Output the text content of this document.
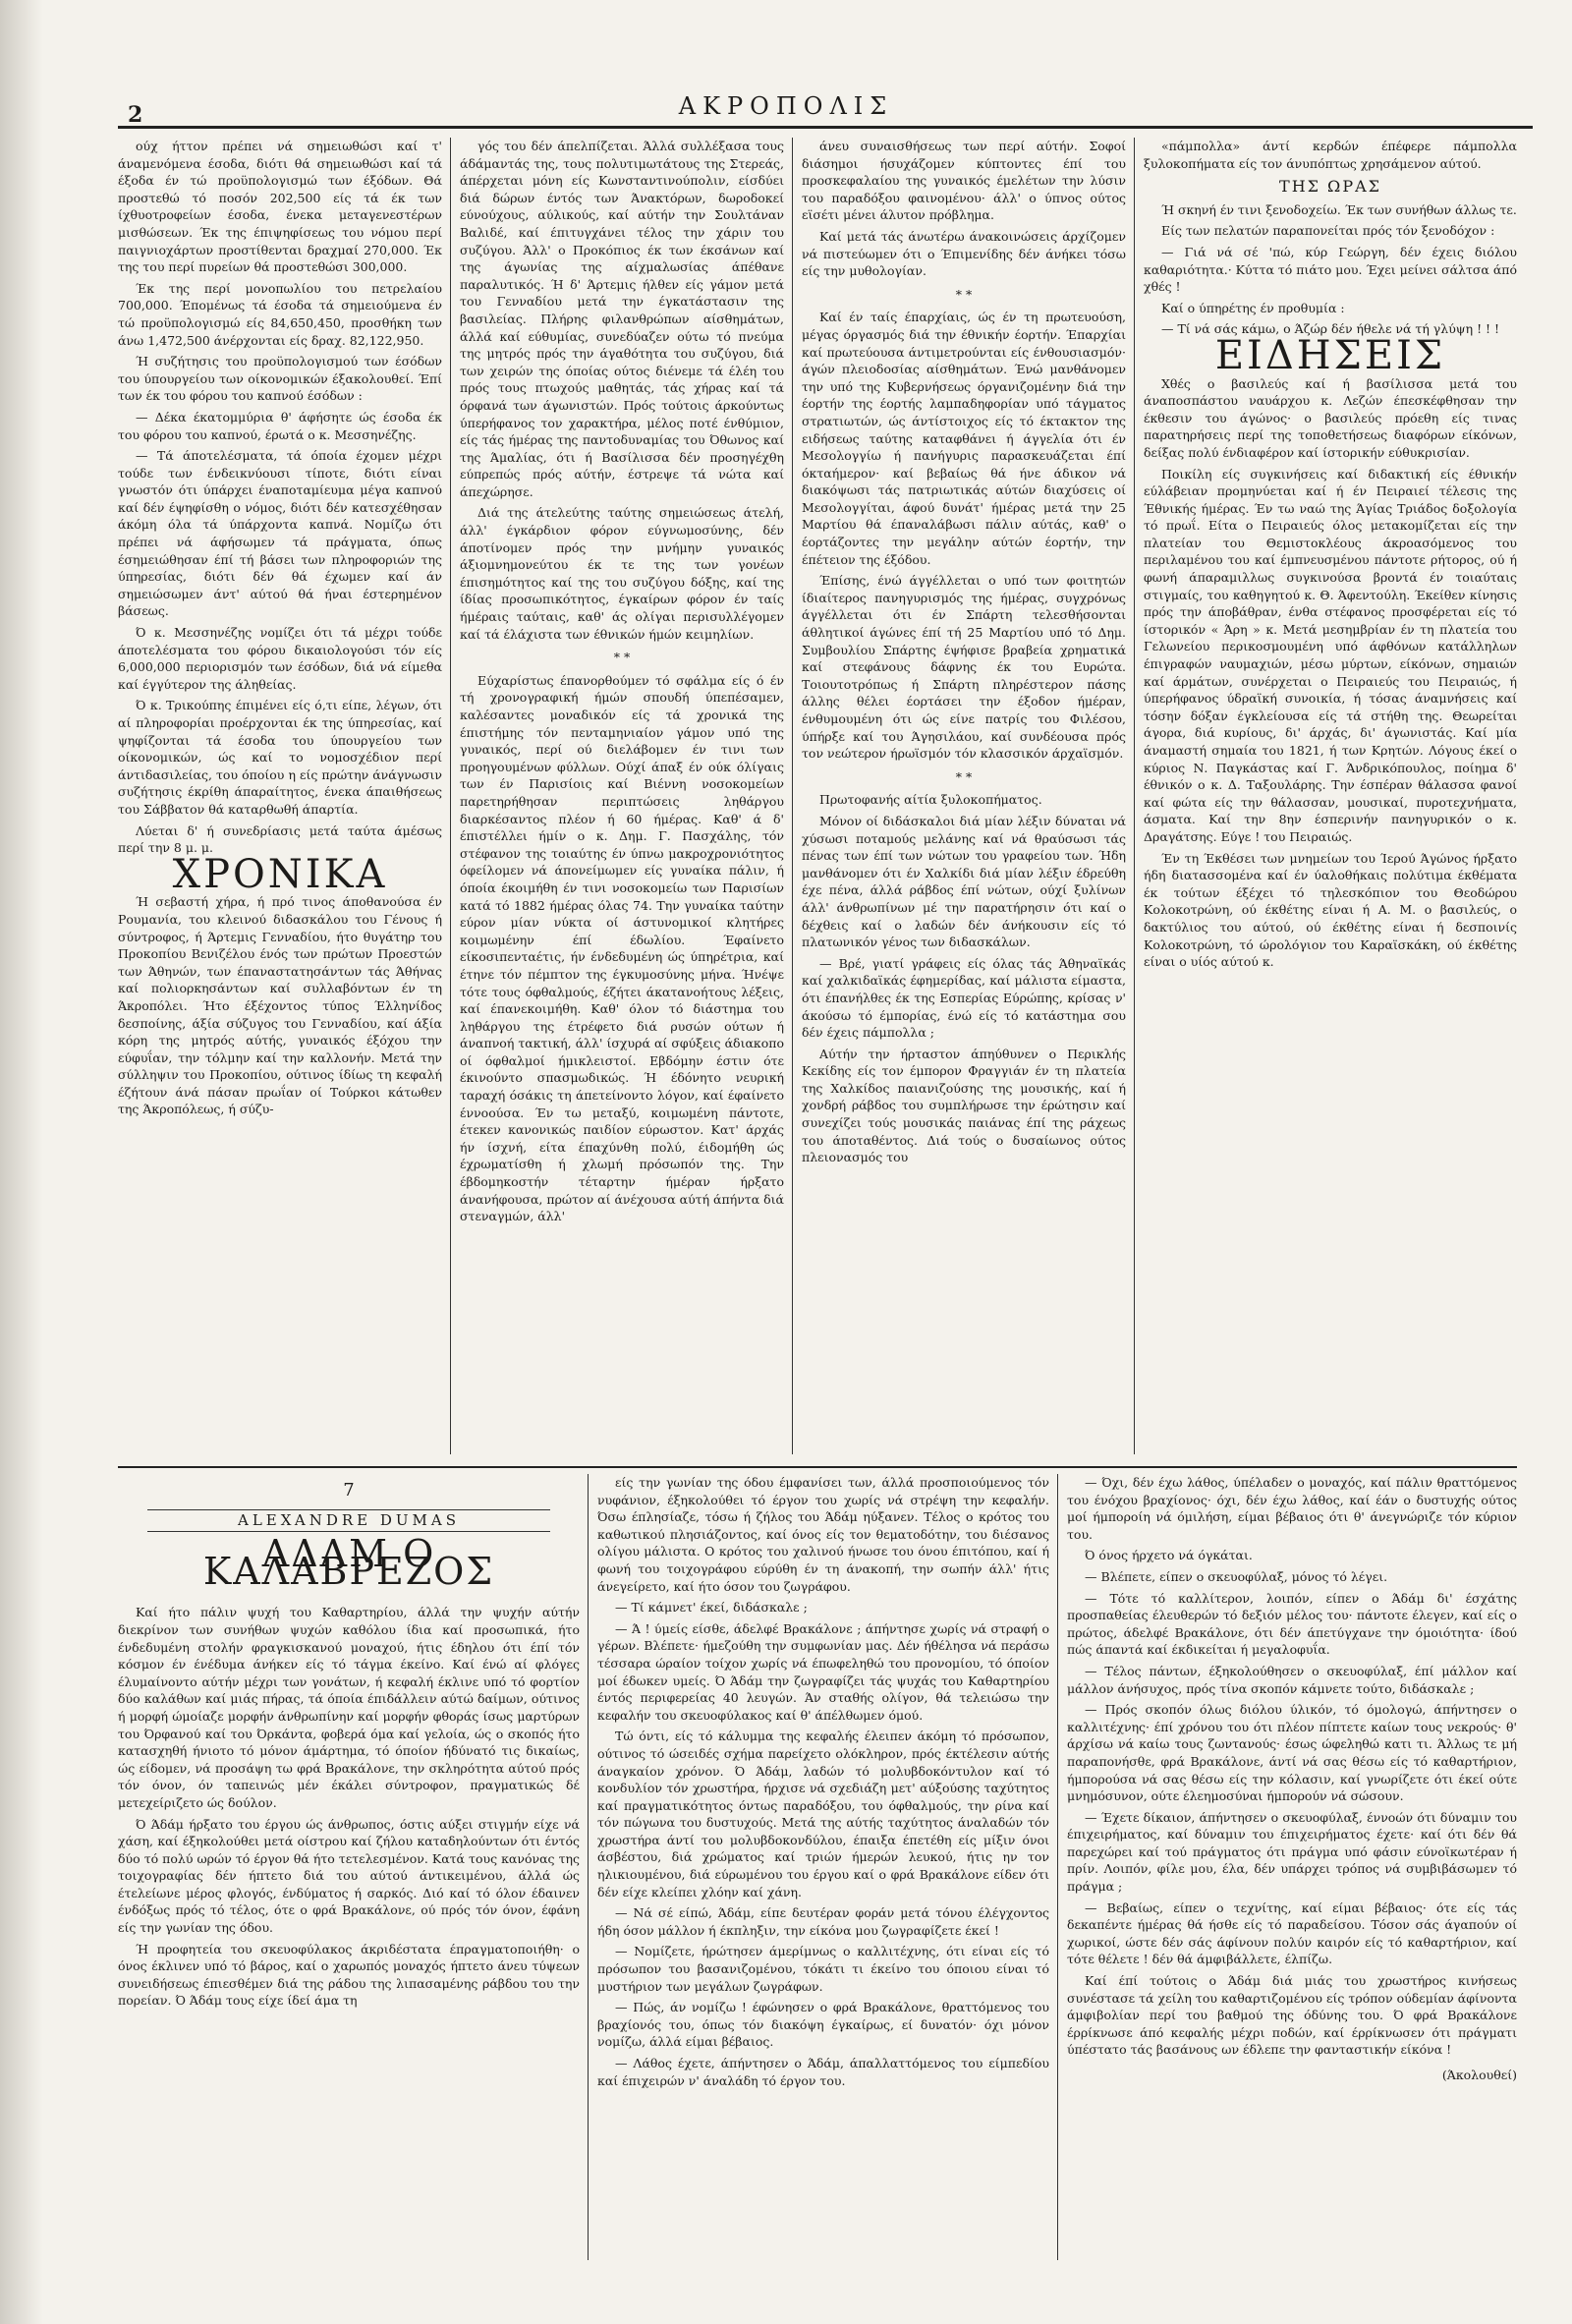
2	ΑΚΡΟΠΟΛΙΣ

ούχ ήττον πρέπει νά σημειωθώσι καί τ' άναμενόμενα έσοδα, διότι θά σημειωθώσι καί τά έξοδα έν τώ προϋπολογισμώ των έξόδων. Θά προστεθώ τό ποσόν 202,500 είς τά έκ των ίχθυοτροφείων έσοδα, ένεκα μεταγενεστέρων μισθώσεων. Έκ της έπιψηφίσεως του νόμου περί παιγνιοχάρτων προστίθενται δραχμαί 270,000. Έκ της του περί πυρείων θά προστεθώσι 300,000.

Έκ της περί μονοπωλίου του πετρελαίου 700,000. Έπομένως τά έσοδα τά σημειούμενα έν τώ προϋπολογισμώ είς 84,650,450, προσθήκη των άνω 1,472,500 άνέρχονται είς δραχ. 82,122,950.

Ή συζήτησις του προϋπολογισμού των έσόδων του ύπουργείου των οίκονομικών έξακολουθεί. Έπί των έκ του φόρου του καπνού έσόδων :

— Δέκα έκατομμύρια θ' άφήσητε ώς έσοδα έκ του φόρου του καπνού, έρωτά ο κ. Μεσσηνέζης.

— Τά άποτελέσματα, τά όποία έχομεν μέχρι τούδε των ένδεικνύουσι τίποτε, διότι είναι γνωστόν ότι ύπάρχει έναποταμίευμα μέγα καπνού καί δέν έψηφίσθη ο νόμος, διότι δέν κατεσχέθησαν άκόμη όλα τά ύπάρχοντα καπνά. Νομίζω ότι πρέπει νά άφήσωμεν τά πράγματα, όπως έσημειώθησαν έπί τή βάσει των πληροφοριών της ύπηρεσίας, διότι δέν θά έχωμεν καί άν σημειώσωμεν άντ' αύτού θά ήναι έστερημένον βάσεως.

Ό κ. Μεσσηνέζης νομίζει ότι τά μέχρι τούδε άποτελέσματα του φόρου δικαιολογούσι τόν είς 6,000,000 περιορισμόν των έσόδων, διά νά είμεθα καί έγγύτερον της άληθείας.

Ό κ. Τρικούπης έπιμένει είς ό,τι είπε, λέγων, ότι αί πληροφορίαι προέρχονται έκ της ύπηρεσίας, καί ψηφίζονται τά έσοδα του ύπουργείου των οίκονομικών, ώς καί το νομοσχέδιον περί άντιδασιλείας, του όποίου η είς πρώτην άνάγνωσιν συζήτησις έκρίθη άπαραίτητος, ένεκα άπαιθήσεως του Σάββατον θά καταρθωθή άπαρτία.

Λύεται δ' ή συνεδρίασις μετά ταύτα άμέσως περί την 8 μ. μ.

ΧΡΟΝΙΚΑ

Ή σεβαστή χήρα, ή πρό τινος άποθανούσα έν Ρουμανία, του κλεινού διδασκάλου του Γένους ή σύντροφος, ή Άρτεμις Γενναδίου, ήτο θυγάτηρ του Προκοπίου Βενιζέλου ένός των πρώτων Προεστών των Άθηνών, των έπαναστατησάντων τάς Άθήνας καί πολιορκησάντων καί συλλαβόντων έν τη Άκροπόλει. Ήτο έξέχοντος τύπος Έλληνίδος δεσποίνης, άξία σύζυγος του Γενναδίου, καί άξία κόρη της μητρός αύτής, γυναικός έξόχου την εύφυΐαν, την τόλμην καί την καλλονήν. Μετά την σύλληψιν του Προκοπίου, ούτινος ίδίως τη κεφαλή έζήτουν άνά πάσαν πρωΐαν οί Τούρκοι κάτωθεν της Άκροπόλεως, ή σύζυ-

γός του δέν άπελπίζεται. Άλλά συλλέξασα τους άδάμαντάς της, τους πολυτιμωτάτους της Στερεάς, άπέρχεται μόνη είς Κωνσταντινούπολιν, είσδύει διά δώρων έντός των Άνακτόρων, δωροδοκεί εύνούχους, αύλικούς, καί αύτήν την Σουλτάναν Βαλιδέ, καί έπιτυγχάνει τέλος την χάριν του συζύγου. Άλλ' ο Προκόπιος έκ των έκσάνων καί της άγωνίας της αίχμαλωσίας άπέθανε παραλυτικός. Ή δ' Άρτεμις ήλθεν είς γάμον μετά του Γενναδίου μετά την έγκατάστασιν της βασιλείας. Πλήρης φιλανθρώπων αίσθημάτων, άλλά καί εύθυμίας, συνεδύαζεν ούτω τό πνεύμα της μητρός πρός την άγαθότητα του συζύγου, διά των χειρών της όποίας ούτος διένεμε τά έλέη του πρός τους πτωχούς μαθητάς, τάς χήρας καί τά όρφανά των άγωνιστών. Πρός τούτοις άρκούντως ύπερήφανος τον χαρακτήρα, μέλος ποτέ ένθύμιον, είς τάς ήμέρας της παντοδυναμίας του Όθωνος καί της Άμαλίας, ότι ή Βασίλισσα δέν προσηγέχθη εύπρεπώς πρός αύτήν, έστρεψε τά νώτα καί άπεχώρησε.

Διά της άτελεύτης ταύτης σημειώσεως άτελή, άλλ' έγκάρδιον φόρον εύγνωμοσύνης, δέν άποτίνομεν πρός την μνήμην γυναικός άξιομνημονεύτου έκ τε της των γονέων έπισημότητος καί της του συζύγου δόξης, καί της ίδίας προσωπικότητος, έγκαίρων φόρον έν ταίς ήμέραις ταύταις, καθ' άς ολίγαι περισυλλέγομεν καί τά έλάχιστα των έθνικών ήμών κειμηλίων.

* *

Εύχαρίστως έπανορθούμεν τό σφάλμα είς ό έν τή χρονογραφική ήμών σπουδή ύπεπέσαμεν, καλέσαντες μοναδικόν είς τά χρονικά της έπιστήμης τόν πενταμηνιαίον γάμον υπό της γυναικός, περί ού διελάβομεν έν τινι των προηγουμένων φύλλων. Ούχί άπαξ έν ούκ όλίγαις των έν Παρισίοις καί Βιέννη νοσοκομείων παρετηρήθησαν περιπτώσεις ληθάργου διαρκέσαντος πλέον ή 60 ήμέρας. Καθ' ά δ' έπιστέλλει ήμίν ο κ. Δημ. Γ. Πασχάλης, τόν στέφανον της τοιαύτης έν ύπνω μακροχρονιότητος όφείλομεν νά άπονείμωμεν είς γυναίκα πάλιν, ή όποία έκοιμήθη έν τινι νοσοκομείω των Παρισίων κατά τό 1882 ήμέρας όλας 74. Την γυναίκα ταύτην εύρον μίαν νύκτα οί άστυνομικοί κλητήρες κοιμωμένην έπί έδωλίου. Έφαίνετο είκοσιπενταέτις, ήν ένδεδυμένη ώς ύπηρέτρια, καί έτηνε τόν πέμπτον της έγκυμοσύνης μήνα. Ήνέψε τότε τους όφθαλμούς, έζήτει άκατανοήτους λέξεις, καί έπανεκοιμήθη. Καθ' όλον τό διάστημα του ληθάργου της έτρέφετο διά ρυσών ούτων ή άναπνοή τακτική, άλλ' ίσχυρά αί σφύξεις άδιακοπο οί όφθαλμοί ήμικλειστοί. Εβδόμην έστιν ότε έκινούντο σπασμωδικώς. Ή έδόνητο νευρική ταραχή όσάκις τη άπετείνοντο λόγον, καί έφαίνετο έννοούσα. Έν τω μεταξύ, κοιμωμένη πάντοτε, έτεκεν κανονικώς παιδίον εύρωστον. Κατ' άρχάς ήν ίσχνή, είτα έπαχύνθη πολύ, έιδομήθη ώς έχρωματίσθη ή χλωμή πρόσωπόν της. Την έβδομηκοστήν τέταρτην ήμέραν ήρξατο άνανήφουσα, πρώτον αί άνέχουσα αύτή άπήντα διά στεναγμών, άλλ'

άνευ συναισθήσεως των περί αύτήν. Σοφοί διάσημοι ήσυχάζομεν κύπτοντες έπί του προσκεφαλαίου της γυναικός έμελέτων την λύσιν του παραδόξου φαινομένου· άλλ' ο ύπνος ούτος εϊσέτι μένει άλυτον πρόβλημα.

Καί μετά τάς άνωτέρω άνακοινώσεις άρχίζομεν νά πιστεύωμεν ότι ο Έπιμενίδης δέν άνήκει τόσω είς την μυθολογίαν.

* *

Καί έν ταίς έπαρχίαις, ώς έν τη πρωτευούση, μέγας όργασμός διά την έθνικήν έορτήν. Έπαρχίαι καί πρωτεύουσα άντιμετρούνται είς ένθουσιασμόν· άγών πλειοδοσίας αίσθημάτων. Ένώ μανθάνομεν την υπό της Κυβερνήσεως όργανιζομένην διά την έορτήν της έορτής λαμπαδηφορίαν υπό τάγματος στρατιωτών, ώς άντίστοιχος είς τό έκτακτον της ειδήσεως ταύτης καταφθάνει ή άγγελία ότι έν Μεσολογγίω ή πανήγυρις παρασκευάζεται έπί όκταήμερον· καί βεβαίως θά ήνε άδικον νά διακόψωσι τάς πατριωτικάς αύτών διαχύσεις οί Μεσολογγίται, άφού δυνάτ' ήμέρας μετά την 25 Μαρτίου θά έπαναλάβωσι πάλιν αύτάς, καθ' ο έορτάζοντες την μεγάλην αύτών έορτήν, την έπέτειον της έξόδου.

Έπίσης, ένώ άγγέλλεται ο υπό των φοιτητών ίδιαίτερος πανηγυρισμός της ήμέρας, συγχρόνως άγγέλλεται ότι έν Σπάρτη τελεσθήσονται άθλητικοί άγώνες έπί τή 25 Μαρτίου υπό τό Δημ. Συμβουλίου Σπάρτης έψήφισε βραβεία χρηματικά καί στεφάνους δάφνης έκ του Ευρώτα. Τοιουτοτρόπως ή Σπάρτη πληρέστερον πάσης άλλης θέλει έορτάσει την έξοδον ήμέραν, ένθυμουμένη ότι ώς είνε πατρίς του Φιλέσου, ύπήρξε καί του Άγησιλάου, καί συνδέουσα πρός τον νεώτερον ήρωϊσμόν τόν κλασσικόν άρχαϊσμόν.

* *

Πρωτοφανής αίτία ξυλοκοπήματος.

Μόνον οί διδάσκαλοι διά μίαν λέξιν δύναται νά χύσωσι ποταμούς μελάνης καί νά θραύσωσι τάς πένας των έπί των νώτων του γραφείου των. Ήδη μανθάνομεν ότι έν Χαλκίδι διά μίαν λέξιν έδρεύθη έχε πένα, άλλά ράβδος έπί νώτων, ούχί ξυλίνων άλλ' άνθρωπίνων μέ την παρατήρησιν ότι καί ο δέχθεις καί ο λαδών δέν άνήκουσιν είς τό πλατωνικόν γένος των διδασκάλων.

— Βρέ, γιατί γράφεις είς όλας τάς Άθηναϊκάς καί χαλκιδαϊκάς έφημερίδας, καί μάλιστα είμαστα, ότι έπανήλθες έκ της Εσπερίας Εύρώπης, κρίσας ν' άκούσω τό έμπορίας, ένώ είς τό κατάστημα σου δέν έχεις πάμπολλα ;

Αύτήν την ήρταστον άπηύθυνεν ο Περικλής Κεκίδης είς τον έμπορον Φραγγιάν έν τη πλατεία της Χαλκίδος παιανιζούσης της μουσικής, καί ή χονδρή ράβδος του συμπλήρωσε την έρώτησιν καί συνεχίζει τούς μουσικάς παιάνας έπί της ράχεως του άποταθέντος. Διά τούς ο δυσαίωνος ούτος πλειονασμός του

«πάμπολλα» άντί κερδών έπέφερε πάμπολλα ξυλοκοπήματα είς τον άνυπόπτως χρησάμενον αύτού.

ΤΗΣ ΩΡΑΣ

Ή σκηνή έν τινι ξενοδοχείω. Έκ των συνήθων άλλως τε.

Είς των πελατών παραπονείται πρός τόν ξενοδόχον :

— Γιά νά σέ 'πώ, κύρ Γεώργη, δέν έχεις διόλου καθαριότητα.· Κύττα τό πιάτο μου. Έχει μείνει σάλτσα άπό χθές !

Καί ο ύπηρέτης έν προθυμία :

— Τί νά σάς κάμω, ο Άζώρ δέν ήθελε νά τή γλύψη ! ! !

ΕΙΔΗΣΕΙΣ

Χθές ο βασιλεύς καί ή βασίλισσα μετά του άναποσπάστου ναυάρχου κ. Λεζών έπεσκέφθησαν την έκθεσιν του άγώνος· ο βασιλεύς πρόεθη είς τινας παρατηρήσεις περί της τοποθετήσεως διαφόρων είκόνων, δείξας πολύ ένδιαφέρον καί ίστορικήν εύθυκρισίαν.

Ποικίλη είς συγκινήσεις καί διδακτική είς έθνικήν εύλάβειαν προμηνύεται καί ή έν Πειραιεί τέλεσις της Έθνικής ήμέρας. Έν τω ναώ της Άγίας Τριάδος δοξολογία τό πρωΐ. Είτα ο Πειραιεύς όλος μετακομίζεται είς την πλατείαν του Θεμιστοκλέους άκροασόμενος του περιλαμένου του καί έμπνευσμένου πάντοτε ρήτορος, ού ή φωνή άπαραμιλλως συγκινούσα βροντά έν τοιαύταις στιγμαίς, του καθηγητού κ. Θ. Άφεντούλη. Έκείθεν κίνησις πρός την άποβάθραν, ένθα στέφανος προσφέρεται είς τό ίστορικόν « Άρη » κ. Μετά μεσημβρίαν έν τη πλατεία του Γελωνείου περικοσμουμένη υπό άφθόνων κατάλληλων έπιγραφών ναυμαχιών, μέσω μύρτων, είκόνων, σημαιών καί άρμάτων, συνέρχεται ο Πειραιεύς του Πειραιώς, ή ύπερήφανος ύδραϊκή συνοικία, ή τόσας άναμνήσεις καί τόσην δόξαν έγκλείουσα είς τά στήθη της. Θεωρείται άγορα, διά κυρίους, δι' άρχάς, δι' άγωνιστάς. Καί μία άναμαστή σημαία του 1821, ή των Κρητών. Λόγους έκεί ο κύριος Ν. Παγκάστας καί Γ. Άνδρικόπουλος, ποίημα δ' έθνικόν ο κ. Δ. Ταξουλάρης. Την έσπέραν θάλασσα φανοί καί φώτα είς την θάλασσαν, μουσικαί, πυροτεχνήματα, άσματα. Καί την 8ην έσπερινήν πανηγυρικόν ο κ. Δραγάτσης. Εύγε ! του Πειραιώς.

Έν τη Έκθέσει των μνημείων του Ίερού Άγώνος ήρξατο ήδη διατασσομένα καί έν ύαλοθήκαις πολύτιμα έκθέματα έκ τούτων έξέχει τό τηλεσκόπιον του Θεοδώρου Κολοκοτρώνη, ού έκθέτης είναι ή Α. Μ. ο βασιλεύς, ο δακτύλιος του αύτού, ού έκθέτης είναι ή δεσποινίς Κολοκοτρώνη, τό ώρολόγιον του Καραϊσκάκη, ού έκθέτης είναι ο υίός αύτού κ.

7
ALEXANDRE DUMAS
ΑΔΑΜ Ο ΚΑΛΑΒΡΕΖΟΣ

Καί ήτο πάλιν ψυχή του Καθαρτηρίου, άλλά την ψυχήν αύτήν διεκρίνον των συνήθων ψυχών καθόλου ίδια καί προσωπικά, ήτο ένδεδυμένη στολήν φραγκισκανού μοναχού, ήτις έδηλου ότι έπί τόν κόσμον έν ένέδυμα άνήκεν είς τό τάγμα έκείνο. Καί ένώ αί φλόγες έλυμαίνοντο αύτήν μέχρι των γονάτων, ή κεφαλή έκλινε υπό τό φορτίον δύο καλάθων καί μιάς πήρας, τά όποία έπιδάλλειν αύτώ δαίμων, ούτινος ή μορφή ώμοίαζε μορφήν άνθρωπίνην καί μορφήν φθοράς ίσως μαρτύρων του Όρφανού καί του Όρκάντα, φοβερά όμα καί γελοία, ώς ο σκοπός ήτο κατασχηθή ήνιοτο τό μόνον άμάρτημα, τό όποίον ήδύνατό τις δικαίως, ώς είδομεν, νά προσάψη τω φρά Βρακάλονε, την σκληρότητα αύτού πρός τόν όνον, όν ταπεινώς μέν έκάλει σύντροφον, πραγματικώς δέ μετεχείριζετο ώς δούλον.

Ό Άδάμ ήρξατο του έργου ώς άνθρωπος, όστις αύξει στιγμήν είχε νά χάση, καί έξηκολούθει μετά οίστρου καί ζήλου καταδηλούντων ότι έντός δύο τό πολύ ωρών τό έργον θά ήτο τετελεσμένον. Κατά τους κανόνας της τοιχογραφίας δέν ήπτετο διά του αύτού άντικειμένου, άλλά ώς έτελείωνε μέρος φλογός, ένδύματος ή σαρκός. Διό καί τό όλον έδαινεν ένδόξως πρός τό τέλος, ότε ο φρά Βρακάλονε, ού πρός τόν όνον, έφάνη είς την γωνίαν της όδου.

Ή προφητεία του σκευοφύλακος άκριδέστατα έπραγματοποιήθη· ο όνος έκλινεν υπό τό βάρος, καί ο χαρωπός μοναχός ήπτετο άνευ τύψεων συνειδήσεως έπιεσθέμεν διά της ράδου της λιπασαμένης ράβδου του την πορείαν. Ό Άδάμ τους είχε ίδεί άμα τη

είς την γωνίαν της όδου έμφανίσει των, άλλά προσποιούμενος τόν νυφάνιον, έξηκολούθει τό έργον του χωρίς νά στρέψη την κεφαλήν. Όσω έπλησίαζε, τόσω ή ζήλος του Άδάμ ηύξανεν. Τέλος ο κρότος του καθωτικού πλησιάζοντος, καί όνος είς τον θεματοδότην, του διέσανος ολίγου μάλιστα. Ο κρότος του χαλινού ήνωσε του όνου έπιτόπου, καί ή φωνή του τοιχογράφου εύρύθη έν τη άνακοπή, την σωπήν άλλ' ήτις άνεγείρετο, καί ήτο όσον του ζωγράφου.

— Τί κάμνετ' έκεί, διδάσκαλε ;

— Ά ! ύμείς είσθε, άδελφέ Βρακάλονε ; άπήντησε χωρίς νά στραφή ο γέρων. Βλέπετε· ήμεζούθη την συμφωνίαν μας. Δέν ήθέλησα νά περάσω τέσσαρα ώραίον τοίχον χωρίς νά έπωφεληθώ του προνομίου, τό όποίον μοί έδωκεν υμείς. Ό Άδάμ την ζωγραφίζει τάς ψυχάς του Καθαρτηρίου έντός περιφερείας 40 λευγών. Άν σταθής ολίγον, θά τελειώσω την κεφαλήν του σκευοφύλακος καί θ' άπέλθωμεν όμού.

Τώ όντι, είς τό κάλυμμα της κεφαλής έλειπεν άκόμη τό πρόσωπον, ούτινος τό ώσειδές σχήμα παρείχετο ολόκληρον, πρός έκτέλεσιν αύτής άναγκαίον χρόνον. Ό Άδάμ, λαδών τό μολυβδοκόντυλον καί τό κονδυλίον τόν χρωστήρα, ήρχισε νά σχεδιάζη μετ' αύξούσης ταχύτητος καί πραγματικότητος όντως παραδόξου, του όφθαλμούς, την ρίνα καί τόν πώγωνα του δυστυχούς. Μετά της αύτής ταχύτητος άναλαδών τόν χρωστήρα άντί του μολυβδοκονδύλου, έπαιξα έπετέθη είς μίξιν όνοι άσβέστου, διά χρώματος καί τριών ήμερών λευκού, ήτις ην τον ηλικιουμένου, διά εύρωμένου του έργου καί ο φρά Βρακάλονε είδεν ότι δέν είχε κλείπει χλόην καί χάνη.

— Νά σέ είπώ, Άδάμ, είπε δευτέραν φοράν μετά τόνου έλέγχοντος ήδη όσον μάλλον ή έκπληξιν, την είκόνα μου ζωγραφίζετε έκεί !

— Νομίζετε, ήρώτησεν άμερίμνως ο καλλιτέχνης, ότι είναι είς τό πρόσωπον του βασανιζομένου, τόκάτι τι έκείνο του όποιου είναι τό μυστήριον των μεγάλων ζωγράφων.

— Πώς, άν νομίζω ! έφώνησεν ο φρά Βρακάλονε, θραττόμενος του βραχίονός του, όπως τόν διακόψη έγκαίρως, εί δυνατόν· όχι μόνον νομίζω, άλλά είμαι βέβαιος.

— Λάθος έχετε, άπήντησεν ο Άδάμ, άπαλλαττόμενος του είμπεδίου καί έπιχειρών ν' άναλάδη τό έργον του.

— Όχι, δέν έχω λάθος, ύπέλαδεν ο μοναχός, καί πάλιν θραττόμενος του ένόχου βραχίονος· όχι, δέν έχω λάθος, καί έάν ο δυστυχής ούτος μοί ήμποροίη νά όμιλήση, είμαι βέβαιος ότι θ' άνεγνώριζε τόν κύριον του.

Ό όνος ήρχετο νά όγκάται.

— Βλέπετε, είπεν ο σκευοφύλαξ, μόνος τό λέγει.

— Τότε τό καλλίτερον, λοιπόν, είπεν ο Άδάμ δι' έσχάτης προσπαθείας έλευθερών τό δεξιόν μέλος του· πάντοτε έλεγεν, καί είς ο πρώτος, άδελφέ Βρακάλονε, ότι δέν άπετύγχανε την όμοιότητα· ίδού πώς άπαντά καί έκδικείται ή μεγαλοφυΐα.

— Τέλος πάντων, έξηκολούθησεν ο σκευοφύλαξ, έπί μάλλον καί μάλλον άνήσυχος, πρός τίνα σκοπόν κάμνετε τούτο, διδάσκαλε ;

— Πρός σκοπόν όλως διόλου ύλικόν, τό όμολογώ, άπήντησεν ο καλλιτέχνης· έπί χρόνου του ότι πλέον πίπτετε καίων τους νεκρούς· θ' άρχίσω νά καίω τους ζωντανούς· έσως ώφεληθώ κατι τι. Άλλως τε μή παραπονήσθε, φρά Βρακάλονε, άντί νά σας θέσω είς τό καθαρτήριον, ήμπορούσα νά σας θέσω είς την κόλασιν, καί γνωρίζετε ότι έκεί ούτε μνημόσυνον, ούτε έλεημοσύναι ήμπορούν νά σώσουν.

— Έχετε δίκαιον, άπήντησεν ο σκευοφύλαξ, έννοών ότι δύναμιν του έπιχειρήματος, καί δύναμιν του έπιχειρήματος έχετε· καί ότι δέν θά παρεχώρει καί τού πράγματος ότι πράγμα υπό φάσιν εύνοϊκωτέραν ή πρίν. Λοιπόν, φίλε μου, έλα, δέν υπάρχει τρόπος νά συμβιβάσωμεν τό πράγμα ;

— Βεβαίως, είπεν ο τεχνίτης, καί είμαι βέβαιος· ότε είς τάς δεκαπέντε ήμέρας θά ήσθε είς τό παραδείσου. Τόσον σάς άγαπούν οί χωρικοί, ώστε δέν σάς άφίνουν πολύν καιρόν είς τό καθαρτήριον, καί τότε θέλετε ! δέν θά άμφιβάλλετε, έλπίζω.

Καί έπί τούτοις ο Άδάμ διά μιάς του χρωστήρος κινήσεως συνέστασε τά χείλη του καθαρτιζομένου είς τρόπον ούδεμίαν άφίνοντα άμφιβολίαν περί του βαθμού της όδύνης του. Ό φρά Βρακάλονε έρρίκνωσε άπό κεφαλής μέχρι ποδών, καί έρρίκνωσεν ότι πράγματι ύπέστατο τάς βασάνους ων έδλεπε την φανταστικήν είκόνα !

(Άκολουθεί)
